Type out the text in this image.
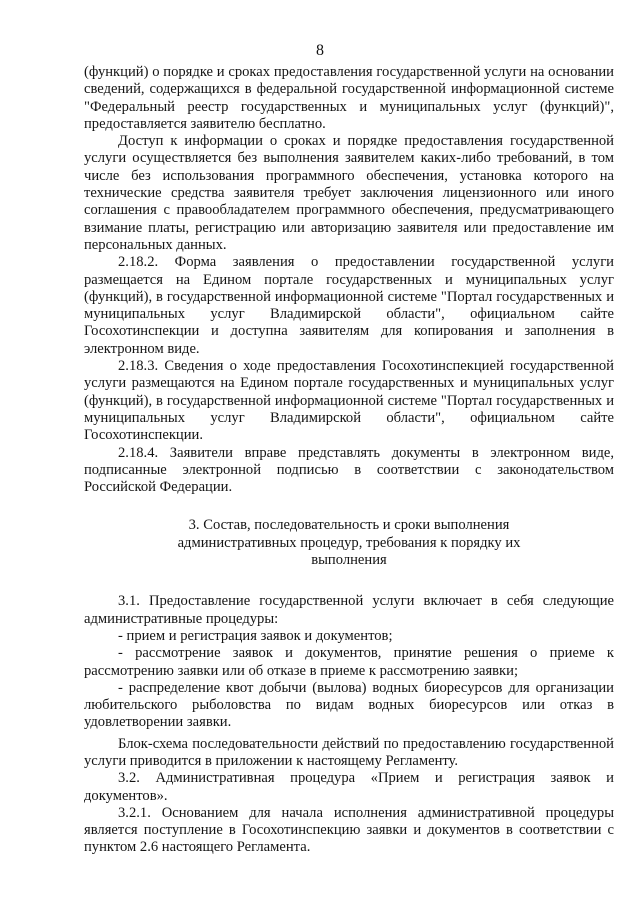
8

(функций) о порядке и сроках предоставления государственной услуги на основании сведений, содержащихся в федеральной государственной информационной системе "Федеральный реестр государственных и муниципальных услуг (функций)", предоставляется заявителю бесплатно.

Доступ к информации о сроках и порядке предоставления государственной услуги осуществляется без выполнения заявителем каких-либо требований, в том числе без использования программного обеспечения, установка которого на технические средства заявителя требует заключения лицензионного или иного соглашения с правообладателем программного обеспечения, предусматривающего взимание платы, регистрацию или авторизацию заявителя или предоставление им персональных данных.

2.18.2. Форма заявления о предоставлении государственной услуги размещается на Едином портале государственных и муниципальных услуг (функций), в государственной информационной системе "Портал государственных и муниципальных услуг Владимирской области", официальном сайте Госохотинспекции и доступна заявителям для копирования и заполнения в электронном виде.

2.18.3. Сведения о ходе предоставления Госохотинспекцией государственной услуги размещаются на Едином портале государственных и муниципальных услуг (функций), в государственной информационной системе "Портал государственных и муниципальных услуг Владимирской области", официальном сайте Госохотинспекции.

2.18.4. Заявители вправе представлять документы в электронном виде, подписанные электронной подписью в соответствии с законодательством Российской Федерации.

3. Состав, последовательность и сроки выполнения административных процедур, требования к порядку их выполнения

3.1. Предоставление государственной услуги включает в себя следующие административные процедуры:

- прием и регистрация заявок и документов;

- рассмотрение заявок и документов, принятие решения о приеме к рассмотрению заявки или об отказе в приеме к рассмотрению заявки;

- распределение квот добычи (вылова) водных биоресурсов для организации любительского рыболовства по видам водных биоресурсов или отказ в удовлетворении заявки.

Блок-схема последовательности действий по предоставлению государственной услуги приводится в приложении к настоящему Регламенту.

3.2. Административная процедура «Прием и регистрация заявок и документов».

3.2.1. Основанием для начала исполнения административной процедуры является поступление в Госохотинспекцию заявки и документов в соответствии с пунктом 2.6 настоящего Регламента.
